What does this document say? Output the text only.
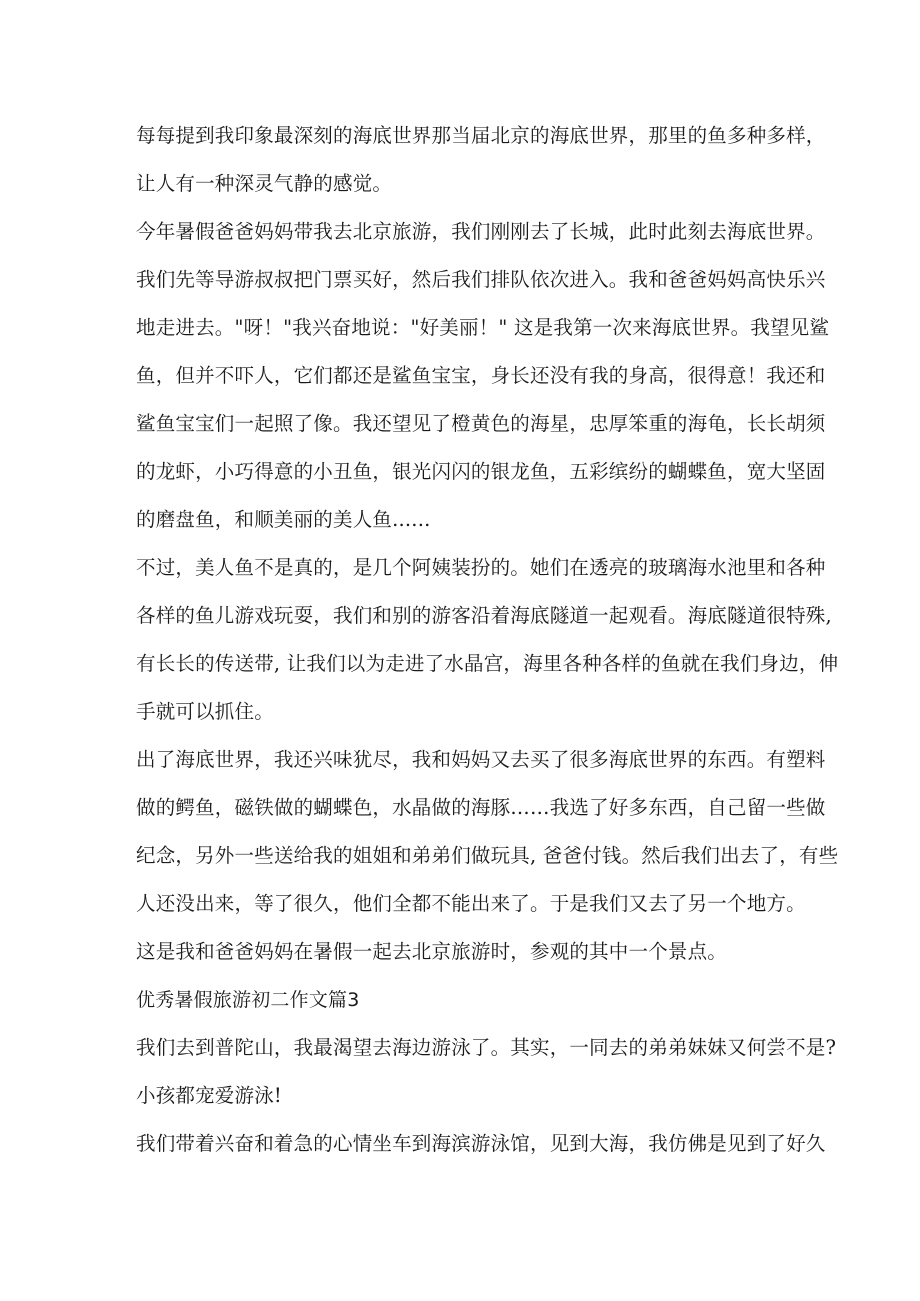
每每提到我印象最深刻的海底世界那当届北京的海底世界，那里的鱼多种多样，
让人有一种深灵气静的感觉。
今年暑假爸爸妈妈带我去北京旅游，我们刚刚去了长城，此时此刻去海底世界。
我们先等导游叔叔把门票买好，然后我们排队依次进入。我和爸爸妈妈高快乐兴
地走进去。"呀！"我兴奋地说："好美丽！" 这是我第一次来海底世界。我望见鲨
鱼，但并不吓人，它们都还是鲨鱼宝宝，身长还没有我的身高，很得意！我还和
鲨鱼宝宝们一起照了像。我还望见了橙黄色的海星，忠厚笨重的海龟，长长胡须
的龙虾，小巧得意的小丑鱼，银光闪闪的银龙鱼，五彩缤纷的蝴蝶鱼，宽大坚固
的磨盘鱼，和顺美丽的美人鱼......
不过，美人鱼不是真的，是几个阿姨装扮的。她们在透亮的玻璃海水池里和各种
各样的鱼儿游戏玩耍，我们和别的游客沿着海底隧道一起观看。海底隧道很特殊,
有长长的传送带, 让我们以为走进了水晶宫，海里各种各样的鱼就在我们身边，伸
手就可以抓住。
出了海底世界，我还兴味犹尽，我和妈妈又去买了很多海底世界的东西。有塑料
做的鳄鱼，磁铁做的蝴蝶色，水晶做的海豚……我选了好多东西，自己留一些做
纪念，另外一些送给我的姐姐和弟弟们做玩具, 爸爸付钱。然后我们出去了，有些
人还没出来，等了很久，他们全都不能出来了。于是我们又去了另一个地方。
这是我和爸爸妈妈在暑假一起去北京旅游时，参观的其中一个景点。
优秀暑假旅游初二作文篇3
我们去到普陀山，我最渴望去海边游泳了。其实，一同去的弟弟妹妹又何尝不是?
小孩都宠爱游泳!
我们带着兴奋和着急的心情坐车到海滨游泳馆，见到大海，我仿佛是见到了好久
